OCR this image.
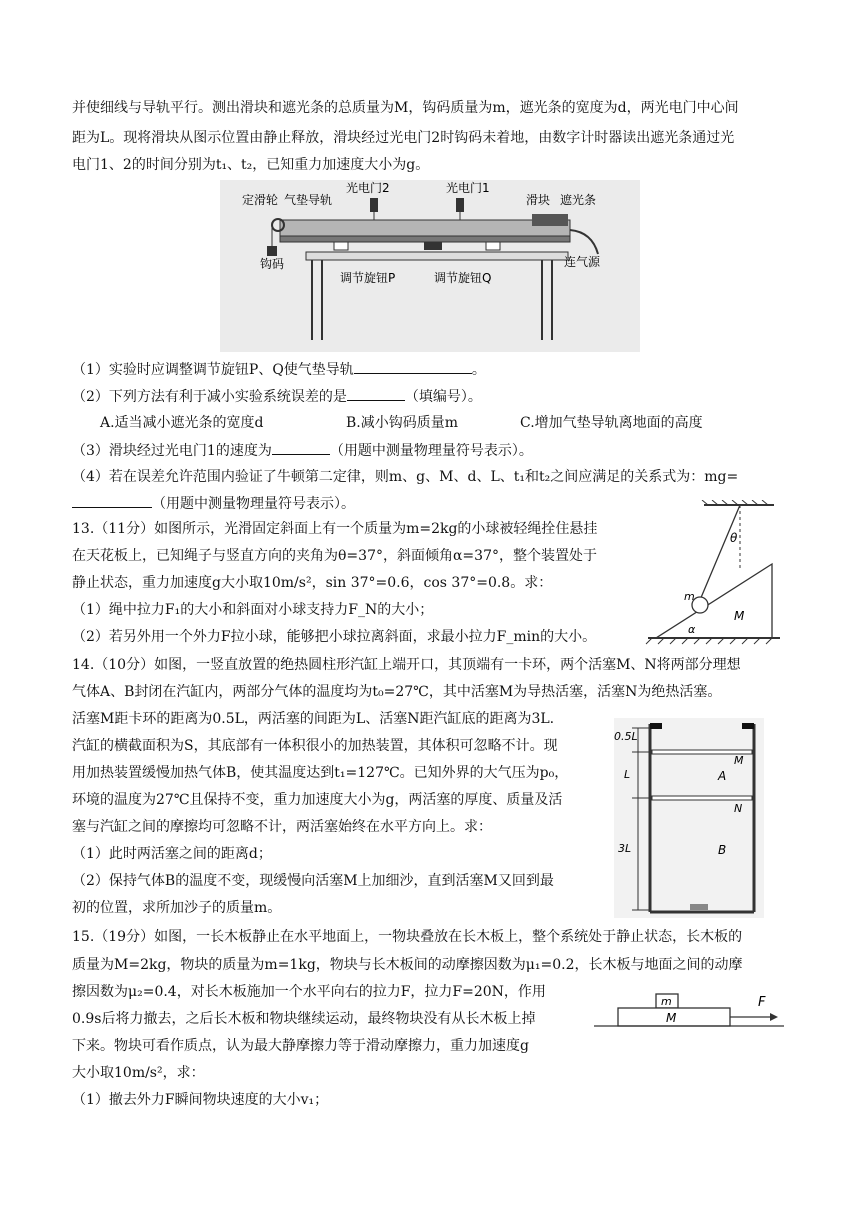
并使细线与导轨平行。测出滑块和遮光条的总质量为M，钩码质量为m，遮光条的宽度为d，两光电门中心间
距为L。现将滑块从图示位置由静止释放，滑块经过光电门2时钩码未着地，由数字计时器读出遮光条通过光
电门1、2的时间分别为t₁、t₂，已知重力加速度大小为g。
定滑轮 气垫导轨
光电门2	光电门1
滑块 遮光条
钩码
调节旋钮P	调节旋钮Q
连气源
（1）实验时应调整调节旋钮P、Q使气垫导轨	。
（2）下列方法有利于减小实验系统误差的是	（填编号）。
A.适当减小遮光条的宽度d	B.减小钩码质量m	C.增加气垫导轨离地面的高度
（3）滑块经过光电门1的速度为	（用题中测量物理量符号表示）。
（4）若在误差允许范围内验证了牛顿第二定律，则m、g、M、d、L、t₁和t₂之间应满足的关系式为：mg=
（用题中测量物理量符号表示）。
13.（11分）如图所示，光滑固定斜面上有一个质量为m=2kg的小球被轻绳拴住悬挂
在天花板上，已知绳子与竖直方向的夹角为θ=37°，斜面倾角α=37°，整个装置处于
静止状态，重力加速度g大小取10m/s²，sin 37°=0.6，cos 37°=0.8。求：
（1）绳中拉力F₁的大小和斜面对小球支持力F_N的大小；
（2）若另外用一个外力F拉小球，能够把小球拉离斜面，求最小拉力F_min的大小。
θ
m
M
α
14.（10分）如图，一竖直放置的绝热圆柱形汽缸上端开口，其顶端有一卡环，两个活塞M、N将两部分理想
气体A、B封闭在汽缸内，两部分气体的温度均为t₀=27℃，其中活塞M为导热活塞，活塞N为绝热活塞。
活塞M距卡环的距离为0.5L，两活塞的间距为L、活塞N距汽缸底的距离为3L.
汽缸的横截面积为S，其底部有一体积很小的加热装置，其体积可忽略不计。现
用加热装置缓慢加热气体B，使其温度达到t₁=127℃。已知外界的大气压为p₀，
环境的温度为27℃且保持不变，重力加速度大小为g，两活塞的厚度、质量及活
塞与汽缸之间的摩擦均可忽略不计，两活塞始终在水平方向上。求：
（1）此时两活塞之间的距离d；
（2）保持气体B的温度不变，现缓慢向活塞M上加细沙，直到活塞M又回到最
初的位置，求所加沙子的质量m。
0.5L
L
3L
A
B
M
N
15.（19分）如图，一长木板静止在水平地面上，一物块叠放在长木板上，整个系统处于静止状态，长木板的
质量为M=2kg，物块的质量为m=1kg，物块与长木板间的动摩擦因数为μ₁=0.2，长木板与地面之间的动摩
擦因数为μ₂=0.4，对长木板施加一个水平向右的拉力F，拉力F=20N，作用
0.9s后将力撤去，之后长木板和物块继续运动，最终物块没有从长木板上掉
下来。物块可看作质点，认为最大静摩擦力等于滑动摩擦力，重力加速度g
大小取10m/s²，求：
（1）撤去外力F瞬间物块速度的大小v₁；
m
M
F
